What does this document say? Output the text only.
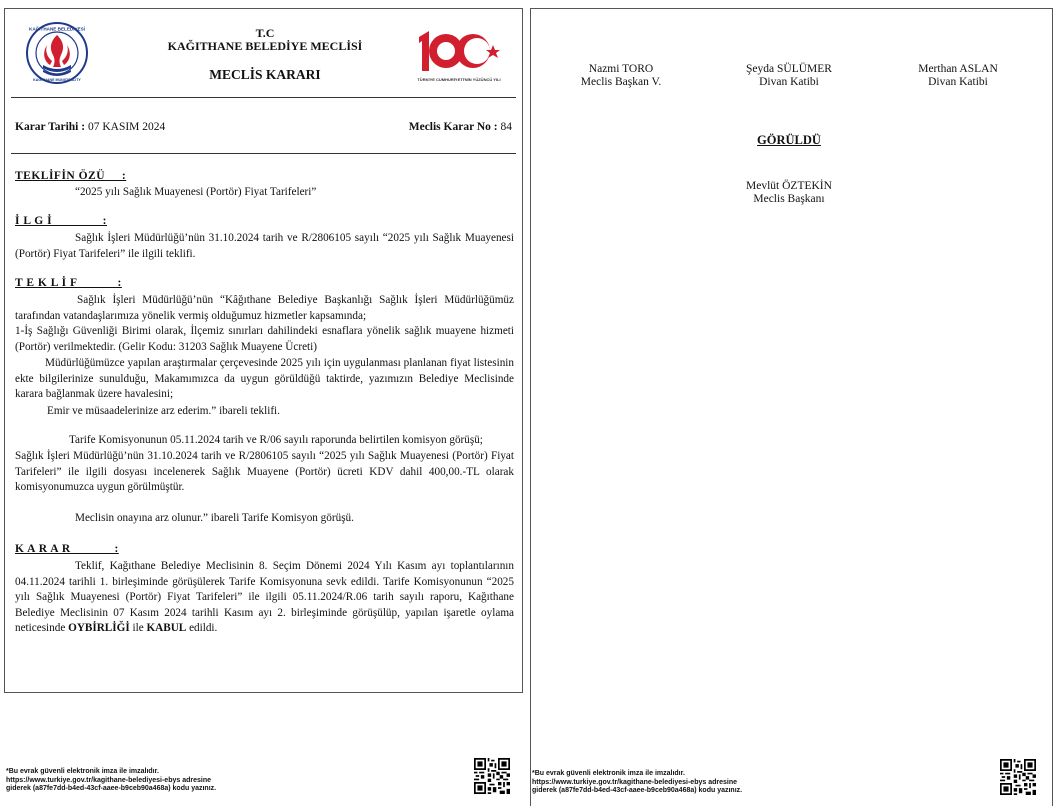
KAĞITHANE BELEDİYESİ
KAĞITHANE MUNICIPALITY
T.C
KAĞITHANE BELEDİYE MECLİSİ
MECLİS KARARI	TÜRKİYE CUMHURİYETİ'NİN YÜZÜNCÜ YILI
Karar Tarihi : 07 KASIM 2024	Meclis Karar No : 84
TEKLİFİN ÖZÜ     :
“2025 yılı Sağlık Muayenesi (Portör) Fiyat Tarifeleri”
İ L G İ               :
Sağlık İşleri Müdürlüğü’nün 31.10.2024 tarih ve R/2806105 sayılı “2025 yılı Sağlık Muayenesi (Portör) Fiyat Tarifeleri” ile ilgili teklifi.
T E K L İ F            :
Sağlık İşleri Müdürlüğü’nün “Kâğıthane Belediye Başkanlığı Sağlık İşleri Müdürlüğümüz tarafından vatandaşlarımıza yönelik vermiş olduğumuz hizmetler kapsamında;
1-İş Sağlığı Güvenliği Birimi olarak, İlçemiz sınırları dahilindeki esnaflara yönelik sağlık muayene hizmeti (Portör) verilmektedir. (Gelir Kodu: 31203 Sağlık Muayene Ücreti)
Müdürlüğümüzce yapılan araştırmalar çerçevesinde 2025 yılı için uygulanması planlanan fiyat listesinin ekte bilgilerinize sunulduğu, Makamımızca da uygun görüldüğü taktirde, yazımızın Belediye Meclisinde karara bağlanmak üzere havalesini;
Emir ve müsaadelerinize arz ederim.” ibareli teklifi.
Tarife Komisyonunun 05.11.2024 tarih ve R/06 sayılı raporunda belirtilen komisyon görüşü;
Sağlık İşleri Müdürlüğü’nün 31.10.2024 tarih ve R/2806105 sayılı “2025 yılı Sağlık Muayenesi (Portör) Fiyat Tarifeleri” ile ilgili dosyası incelenerek Sağlık Muayene (Portör) ücreti KDV dahil 400,00.-TL olarak komisyonumuzca uygun görülmüştür.
Meclisin onayına arz olunur.” ibareli Tarife Komisyon görüşü.
K A R A R             :
Teklif, Kağıthane Belediye Meclisinin 8. Seçim Dönemi 2024 Yılı Kasım ayı toplantılarının 04.11.2024 tarihli 1. birleşiminde görüşülerek Tarife Komisyonuna sevk edildi. Tarife Komisyonunun “2025 yılı Sağlık Muayenesi (Portör) Fiyat Tarifeleri” ile ilgili 05.11.2024/R.06 tarih sayılı raporu, Kağıthane Belediye Meclisinin 07 Kasım 2024 tarihli Kasım ayı 2. birleşiminde görüşülüp, yapılan işaretle oylama neticesinde OYBİRLİĞİ ile KABUL edildi.
*Bu evrak güvenli elektronik imza ile imzalıdır.
https://www.turkiye.gov.tr/kagithane-belediyesi-ebys adresine
giderek (a87fe7dd-b4ed-43cf-aaee-b9ceb90a468a) kodu yazınız.
Nazmi TORO
Meclis Başkan V.
Şeyda SÜLÜMER
Divan Katibi
Merthan ASLAN
Divan Katibi
GÖRÜLDÜ
Mevlüt ÖZTEKİN
Meclis Başkanı
*Bu evrak güvenli elektronik imza ile imzalıdır.
https://www.turkiye.gov.tr/kagithane-belediyesi-ebys adresine
giderek (a87fe7dd-b4ed-43cf-aaee-b9ceb90a468a) kodu yazınız.
